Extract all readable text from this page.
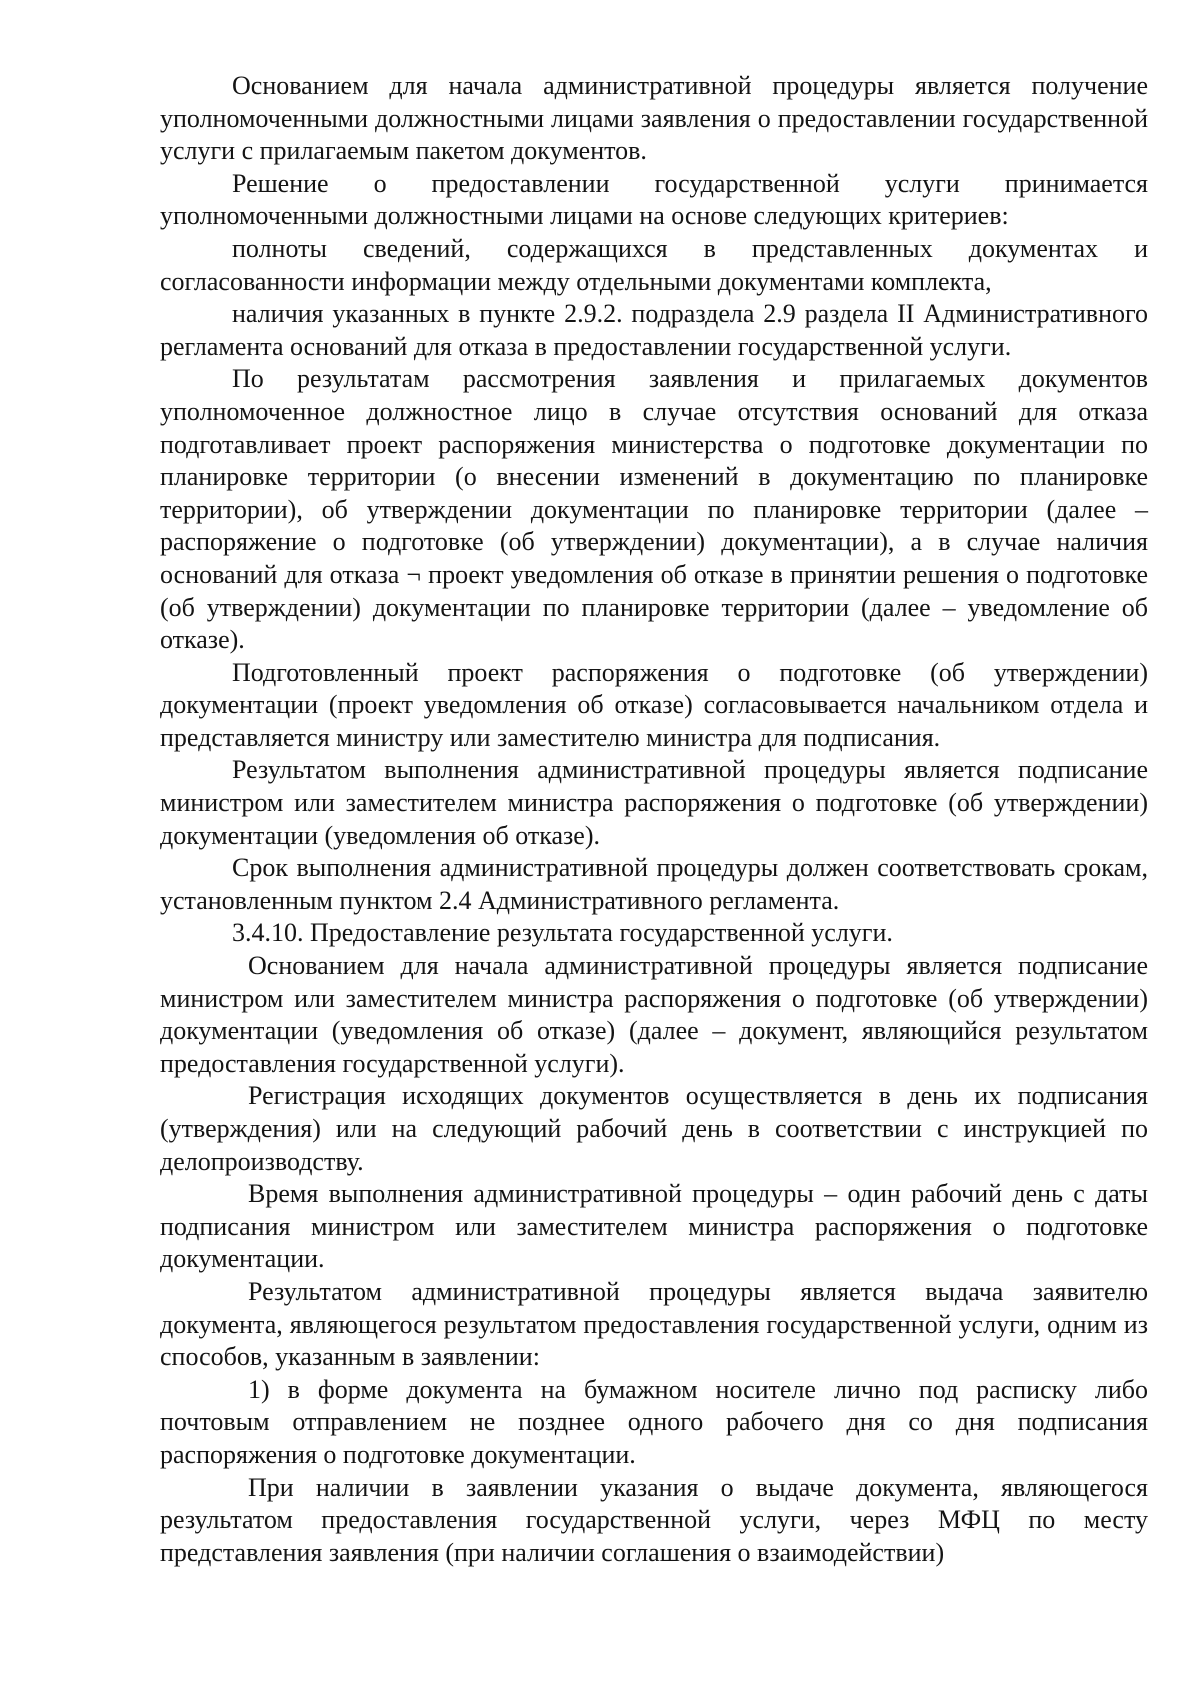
Основанием для начала административной процедуры является получение уполномоченными должностными лицами заявления о предоставлении государственной услуги с прилагаемым пакетом документов.

Решение о предоставлении государственной услуги принимается уполномоченными должностными лицами на основе следующих критериев:

полноты сведений, содержащихся в представленных документах и согласованности информации между отдельными документами комплекта,

наличия указанных в пункте 2.9.2. подраздела 2.9 раздела II Административного регламента оснований для отказа в предоставлении государственной услуги.

По результатам рассмотрения заявления и прилагаемых документов уполномоченное должностное лицо в случае отсутствия оснований для отказа подготавливает проект распоряжения министерства о подготовке документации по планировке территории (о внесении изменений в документацию по планировке территории), об утверждении документации по планировке территории (далее – распоряжение о подготовке (об утверждении) документации), а в случае наличия оснований для отказа ¬ проект уведомления об отказе в принятии решения о подготовке (об утверждении) документации по планировке территории (далее – уведомление об отказе).

Подготовленный проект распоряжения о подготовке (об утверждении) документации (проект уведомления об отказе) согласовывается начальником отдела и представляется министру или заместителю министра для подписания.

Результатом выполнения административной процедуры является подписание министром или заместителем министра распоряжения о подготовке (об утверждении) документации (уведомления об отказе).

Срок выполнения административной процедуры должен соответствовать срокам, установленным пунктом 2.4 Административного регламента.

3.4.10. Предоставление результата государственной услуги.

Основанием для начала административной процедуры является подписание министром или заместителем министра распоряжения о подготовке (об утверждении) документации (уведомления об отказе) (далее – документ, являющийся результатом предоставления государственной услуги).

Регистрация исходящих документов осуществляется в день их подписания (утверждения) или на следующий рабочий день в соответствии с инструкцией по делопроизводству.

Время выполнения административной процедуры – один рабочий день с даты подписания министром или заместителем министра распоряжения о подготовке документации.

Результатом административной процедуры является выдача заявителю документа, являющегося результатом предоставления государственной услуги, одним из способов, указанным в заявлении:

1) в форме документа на бумажном носителе лично под расписку либо почтовым отправлением не позднее одного рабочего дня со дня подписания распоряжения о подготовке документации.

При наличии в заявлении указания о выдаче документа, являющегося результатом предоставления государственной услуги, через МФЦ по месту представления заявления (при наличии соглашения о взаимодействии)
